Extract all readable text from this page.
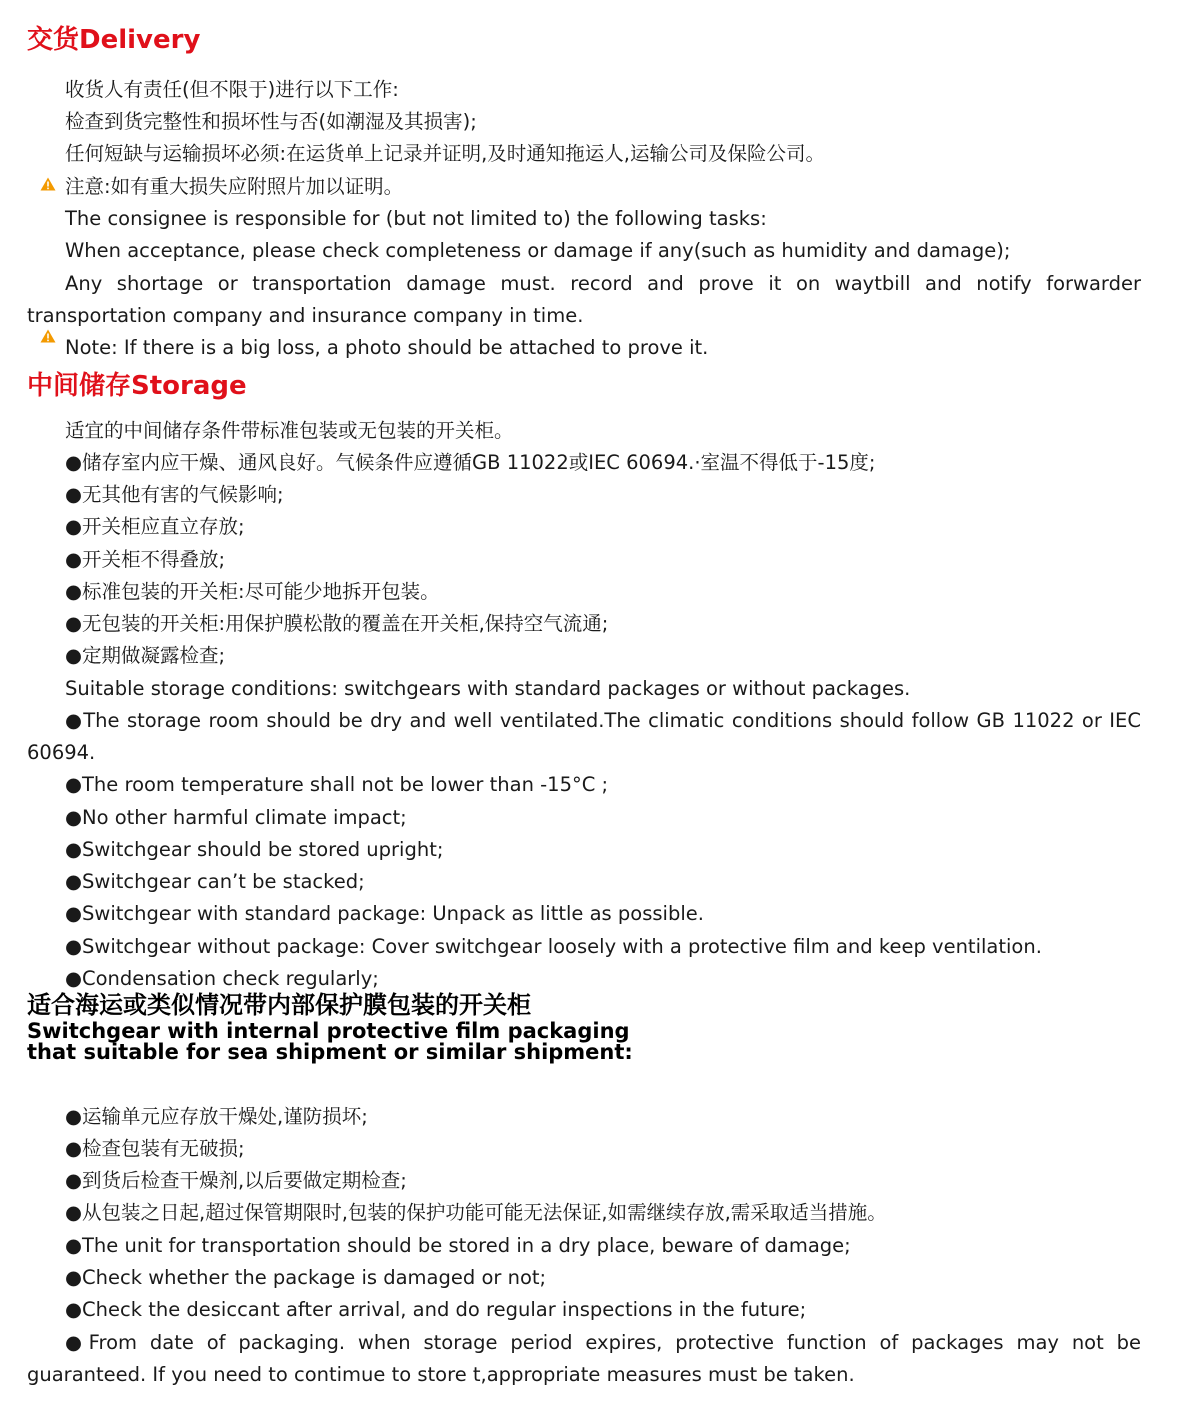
交货Delivery
收货人有责任(但不限于)进行以下工作:
检查到货完整性和损坏性与否(如潮湿及其损害);
任何短缺与运输损坏必须:在运货单上记录并证明,及时通知拖运人,运输公司及保险公司。
注意:如有重大损失应附照片加以证明。
The consignee is responsible for (but not limited to) the following tasks:
When acceptance, please check completeness or damage if any(such as humidity and damage);
Any shortage or transportation damage must. record and prove it on waytbill and notify forwarder transportation company and insurance company in time.
Note: If there is a big loss, a photo should be attached to prove it.
中间储存Storage
适宜的中间储存条件带标准包装或无包装的开关柜。
●储存室内应干燥、通风良好。气候条件应遵循GB 11022或IEC 60694.·室温不得低于-15度;
●无其他有害的气候影响;
●开关柜应直立存放;
●开关柜不得叠放;
●标准包装的开关柜:尽可能少地拆开包装。
●无包装的开关柜:用保护膜松散的覆盖在开关柜,保持空气流通;
●定期做凝露检查;
Suitable storage conditions: switchgears with standard packages or without packages.
●The storage room should be dry and well ventilated.The climatic conditions should follow GB 11022 or IEC 60694.
●The room temperature shall not be lower than -15°C ;
●No other harmful climate impact;
●Switchgear should be stored upright;
●Switchgear can’t be stacked;
●Switchgear with standard package: Unpack as little as possible.
●Switchgear without package: Cover switchgear loosely with a protective film and keep ventilation.
●Condensation check regularly;
适合海运或类似情况带内部保护膜包装的开关柜
Switchgear with internal protective film packaging
that suitable for sea shipment or similar shipment:
●运输单元应存放干燥处,谨防损坏;
●检查包装有无破损;
●到货后检查干燥剂,以后要做定期检查;
●从包装之日起,超过保管期限时,包装的保护功能可能无法保证,如需继续存放,需采取适当措施。
●The unit for transportation should be stored in a dry place, beware of damage;
●Check whether the package is damaged or not;
●Check the desiccant after arrival, and do regular inspections in the future;
●From date of packaging. when storage period expires, protective function of packages may not be guaranteed. If you need to contimue to store t,appropriate measures must be taken.
